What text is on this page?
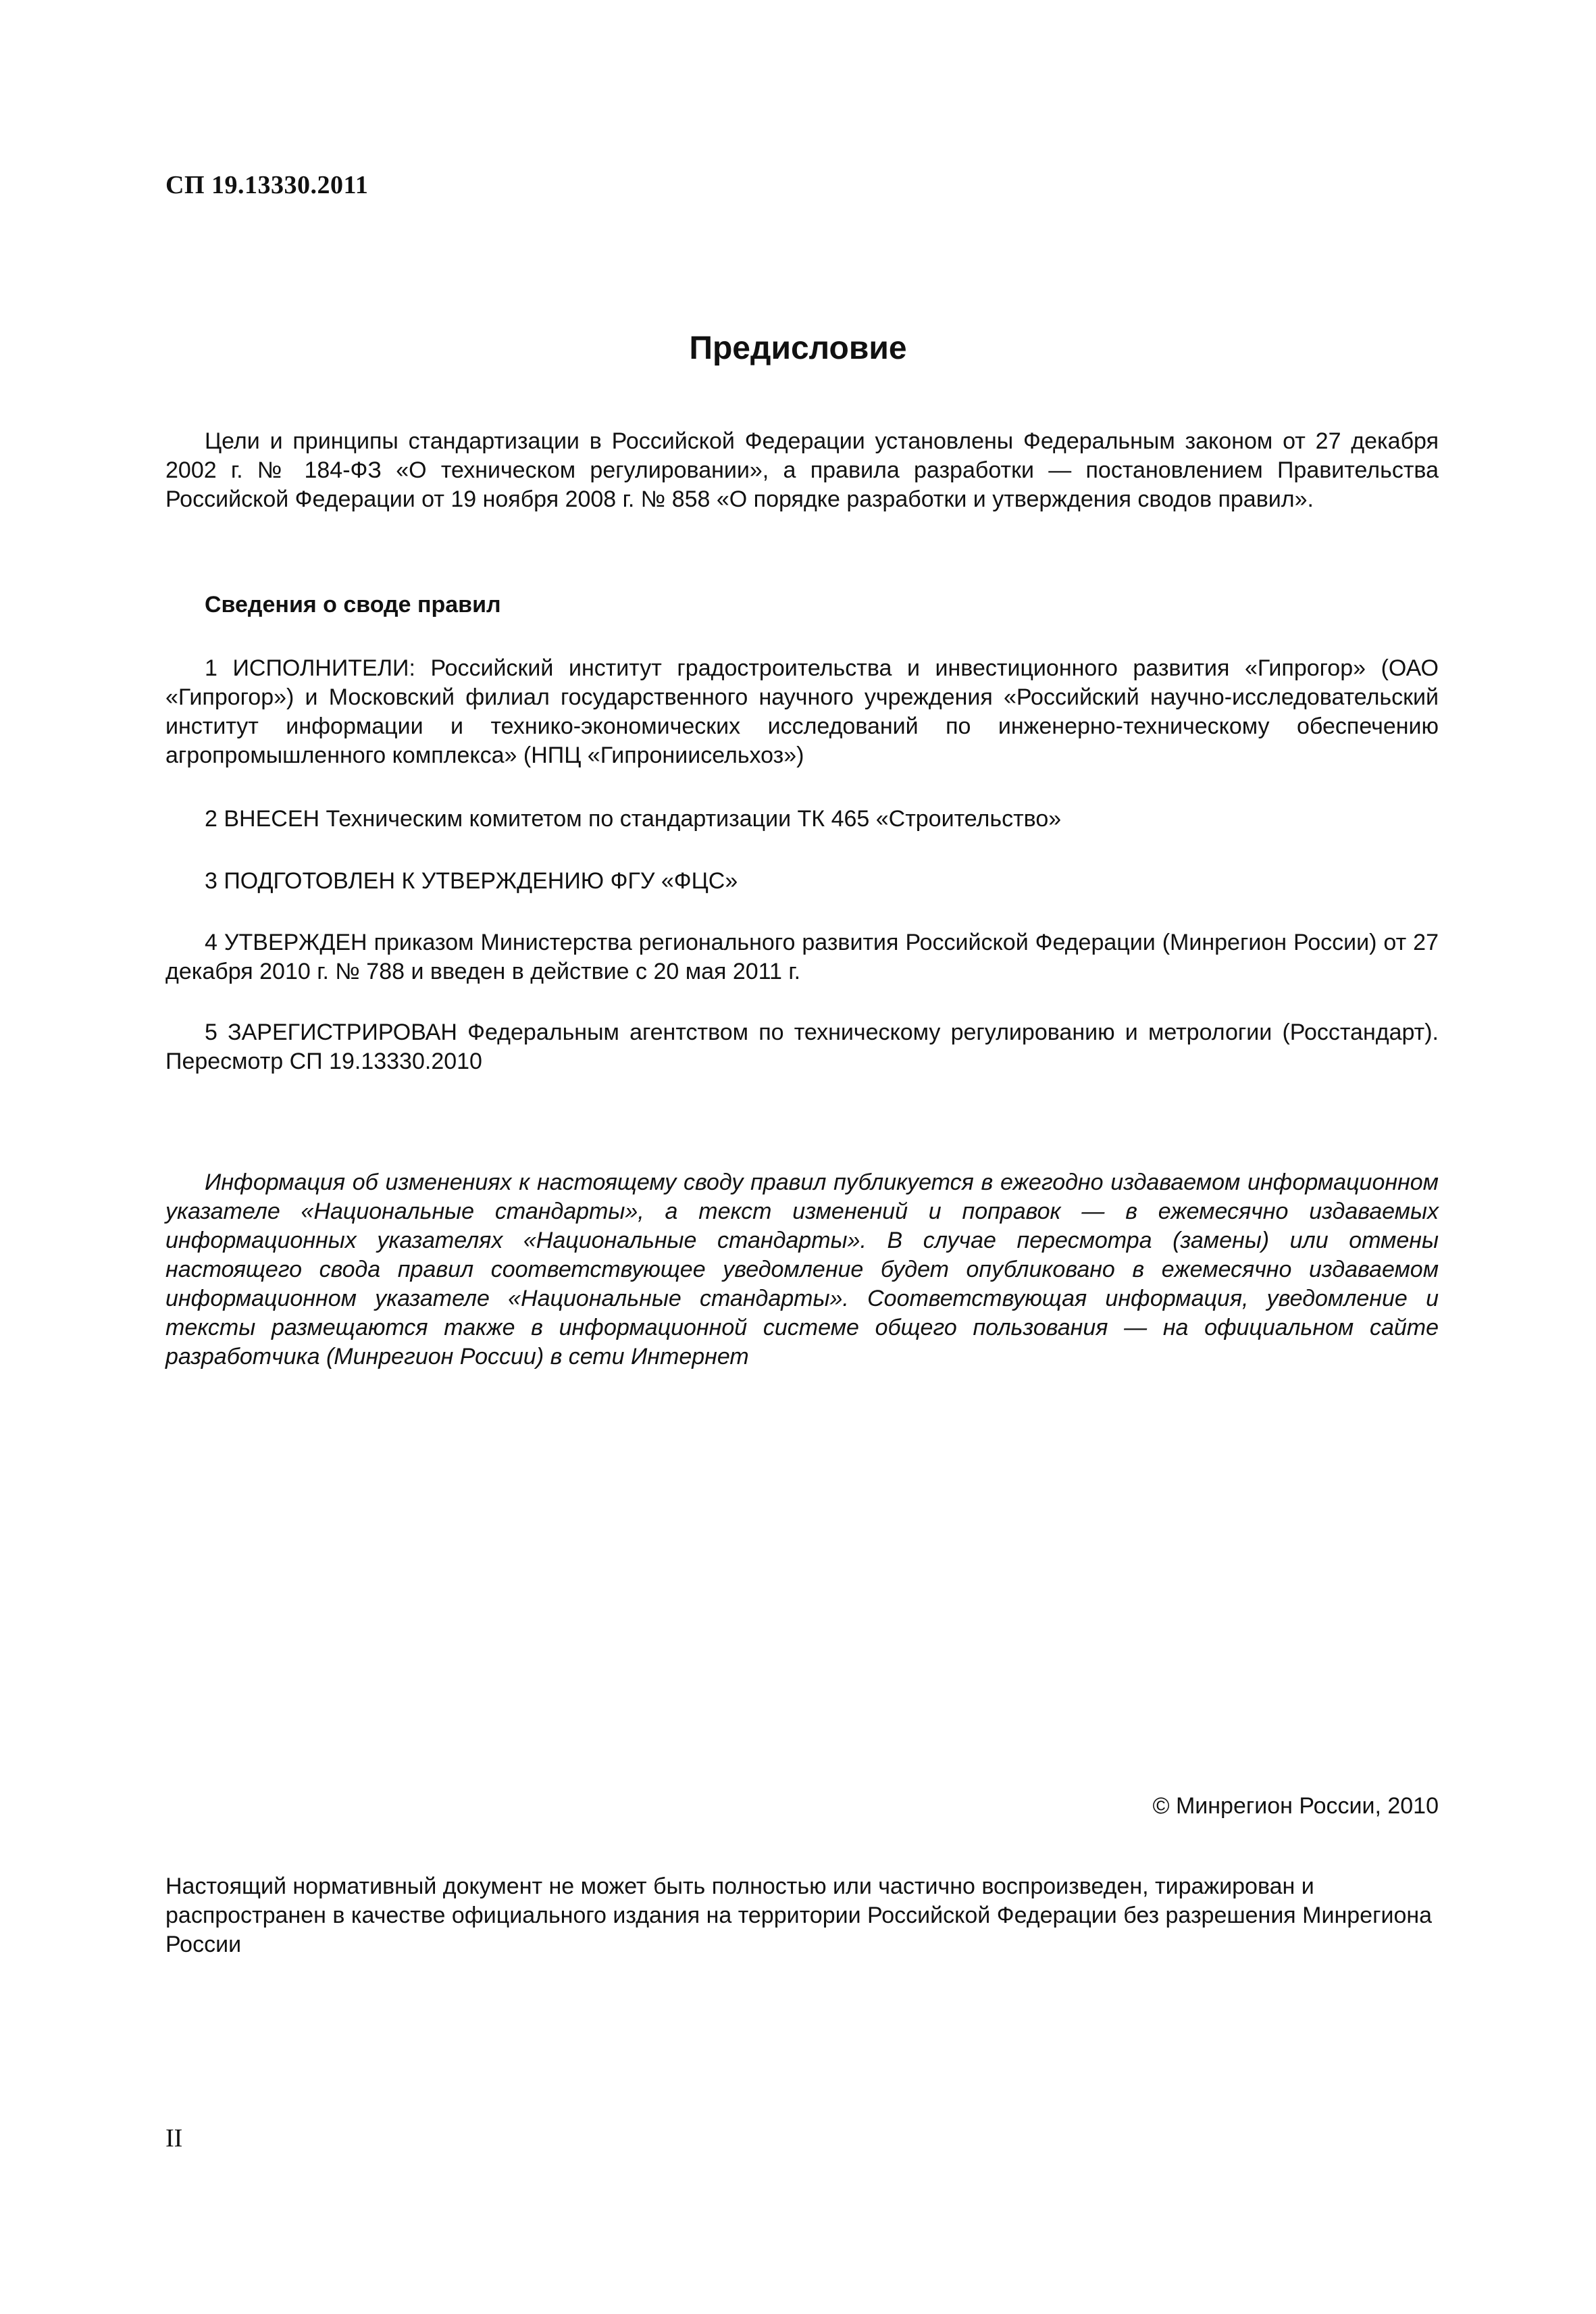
СП 19.13330.2011
Предисловие
Цели и принципы стандартизации в Российской Федерации установлены Федеральным законом от 27 декабря 2002 г. № 184-ФЗ «О техническом регулировании», а правила разработки — постановлением Правительства Российской Федерации от 19 ноября 2008 г. № 858 «О порядке разработки и утверждения сводов правил».
Сведения о своде правил
1 ИСПОЛНИТЕЛИ: Российский институт градостроительства и инвестиционного развития «Гипрогор» (ОАО «Гипрогор») и Московский филиал государственного научного учреждения «Российский научно-исследовательский институт информации и технико-экономических исследований по инженерно-техническому обеспечению агропромышленного комплекса» (НПЦ «Гипрониисельхоз»)
2 ВНЕСЕН Техническим комитетом по стандартизации ТК 465 «Строительство»
3 ПОДГОТОВЛЕН К УТВЕРЖДЕНИЮ ФГУ «ФЦС»
4 УТВЕРЖДЕН приказом Министерства регионального развития Российской Федерации (Минрегион России) от 27 декабря 2010 г. № 788 и введен в действие с 20 мая 2011 г.
5 ЗАРЕГИСТРИРОВАН Федеральным агентством по техническому регулированию и метрологии (Росстандарт). Пересмотр СП 19.13330.2010
Информация об изменениях к настоящему своду правил публикуется в ежегодно издаваемом информационном указателе «Национальные стандарты», а текст изменений и поправок — в ежемесячно издаваемых информационных указателях «Национальные стандарты». В случае пересмотра (замены) или отмены настоящего свода правил соответствующее уведомление будет опубликовано в ежемесячно издаваемом информационном указателе «Национальные стандарты». Соответствующая информация, уведомление и тексты размещаются также в информационной системе общего пользования — на официальном сайте разработчика (Минрегион России) в сети Интернет
© Минрегион России, 2010
Настоящий нормативный документ не может быть полностью или частично воспроизведен, тиражирован и распространен в качестве официального издания на территории Российской Федерации без разрешения Минрегиона России
II
